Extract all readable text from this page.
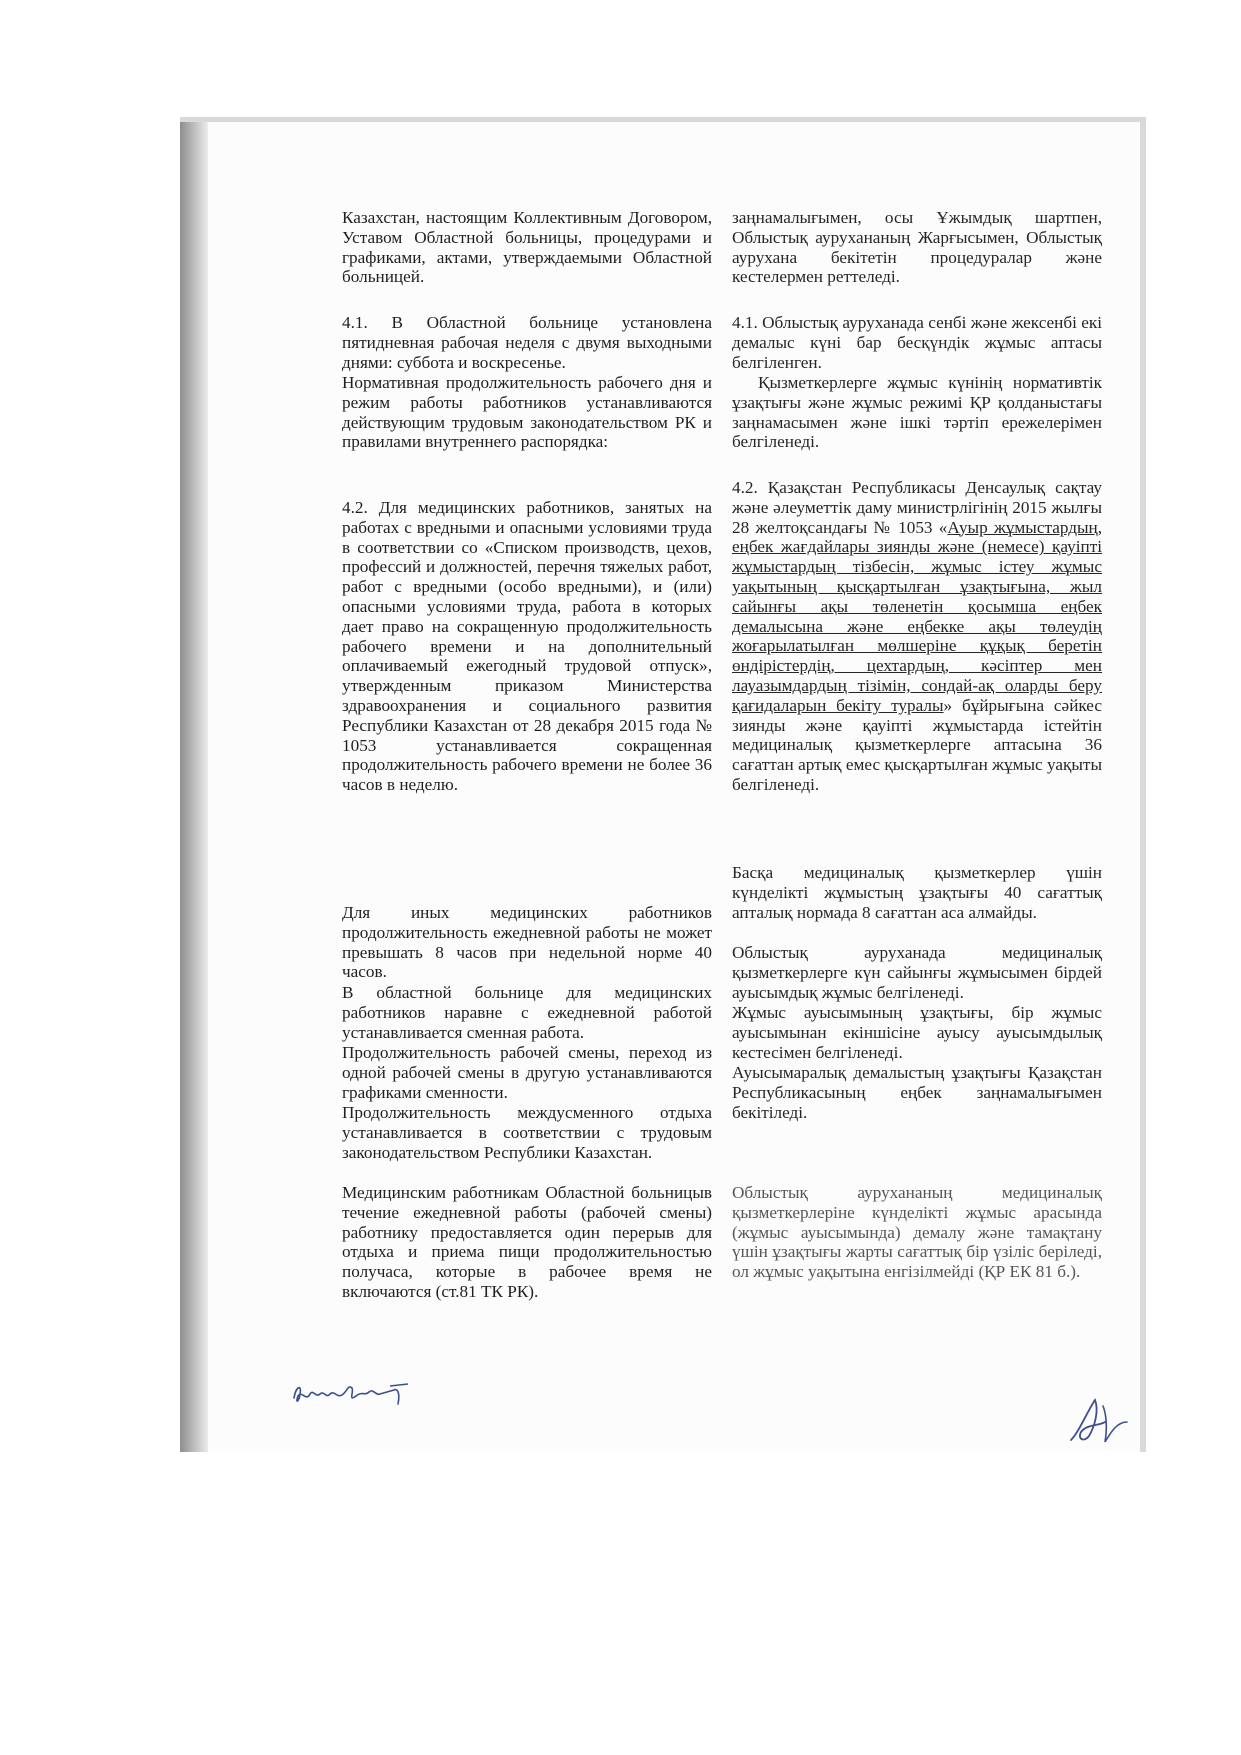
Казахстан, настоящим Коллективным Договором, Уставом Областной больницы, процедурами и графиками, актами, утверждаемыми Областной больницей.

4.1. В Областной больнице установлена пятидневная рабочая неделя с двумя выходными днями: суббота и воскресенье.

Нормативная продолжительность рабочего дня и режим работы работников устанавливаются действующим трудовым законодательством РК и правилами внутреннего распорядка:

4.2. Для медицинских работников, занятых на работах с вредными и опасными условиями труда в соответствии со «Списком производств, цехов, профессий и должностей, перечня тяжелых работ, работ с вредными (особо вредными), и (или) опасными условиями труда, работа в которых дает право на сокращенную продолжительность рабочего времени и на дополнительный оплачиваемый ежегодный трудовой отпуск», утвержденным приказом Министерства здравоохранения и социального развития Республики Казахстан от 28 декабря 2015 года № 1053 устанавливается сокращенная продолжительность рабочего времени не более 36 часов в неделю.

Для иных медицинских работников продолжительность ежедневной работы не может превышать 8 часов при недельной норме 40 часов.

В областной больнице для медицинских работников наравне с ежедневной работой устанавливается сменная работа.

Продолжительность рабочей смены, переход из одной рабочей смены в другую устанавливаются графиками сменности.

Продолжительность междусменного отдыха устанавливается в соответствии с трудовым законодательством Республики Казахстан.

Медицинским работникам Областной больницыв течение ежедневной работы (рабочей смены) работнику предоставляется один перерыв для отдыха и приема пищи продолжительностью получаса, которые в рабочее время не включаются (ст.81 ТК РК).

заңнамалығымен, осы Ұжымдық шартпен, Облыстық аурухананың Жарғысымен, Облыстық ауруханa бекітетін процедуралар және кестелермен реттеледі.

4.1. Облыстық ауруханада сенбі және жексенбі екі демалыс күні бар бесқүндік жұмыс аптасы белгіленген.

Қызметкерлерге жұмыс күнінің нормативтік ұзақтығы және жұмыс режимі ҚР қолданыстағы заңнамасымен және ішкі тәртіп ережелерімен белгіленеді.

4.2. Қазақстан Республикасы Денсаулық сақтау және әлеуметтік даму министрлігінің 2015 жылғы 28 желтоқсандағы № 1053 «Ауыр жұмыстардың, еңбек жағдайлары зиянды және (немесе) қауіпті жұмыстардың тізбесін, жұмыс істеу жұмыс уақытының қысқартылған ұзақтығына, жыл сайынғы ақы төленетін қосымша еңбек демалысына және еңбекке ақы төлеудің жоғарылатылған мөлшеріне құқық беретін өндірістердің, цехтардың, кәсіптер мен лауазымдардың тізімін, сондай-ақ оларды беру қағидаларын бекіту туралы» бұйрығына сәйкес зиянды және қауіпті жұмыстарда істейтін медициналық қызметкерлерге аптасына 36 сағаттан артық емес қысқартылған жұмыс уақыты белгіленеді.

Басқа медициналық қызметкерлер үшін күнделікті жұмыстың ұзақтығы 40 сағаттық апталық нормада 8 сағаттан аса алмайды.

Облыстық ауруханада медициналық қызметкерлерге күн сайынғы жұмысымен бірдей ауысымдық жұмыс белгіленеді.

Жұмыс ауысымының ұзақтығы, бір жұмыс ауысымынан екіншісіне ауысу ауысымдылық кестесімен белгіленеді.

Ауысымаралық демалыстың ұзақтығы Қазақстан Республикасының еңбек заңнамалығымен бекітіледі.

Облыстық аурухананың медициналық қызметкерлеріне күнделікті жұмыс арасында (жұмыс ауысымында) демалу және тамақтану үшін ұзақтығы жарты сағаттық бір үзіліс беріледі, ол жұмыс уақытына енгізілмейді (ҚР ЕК 81 б.).
